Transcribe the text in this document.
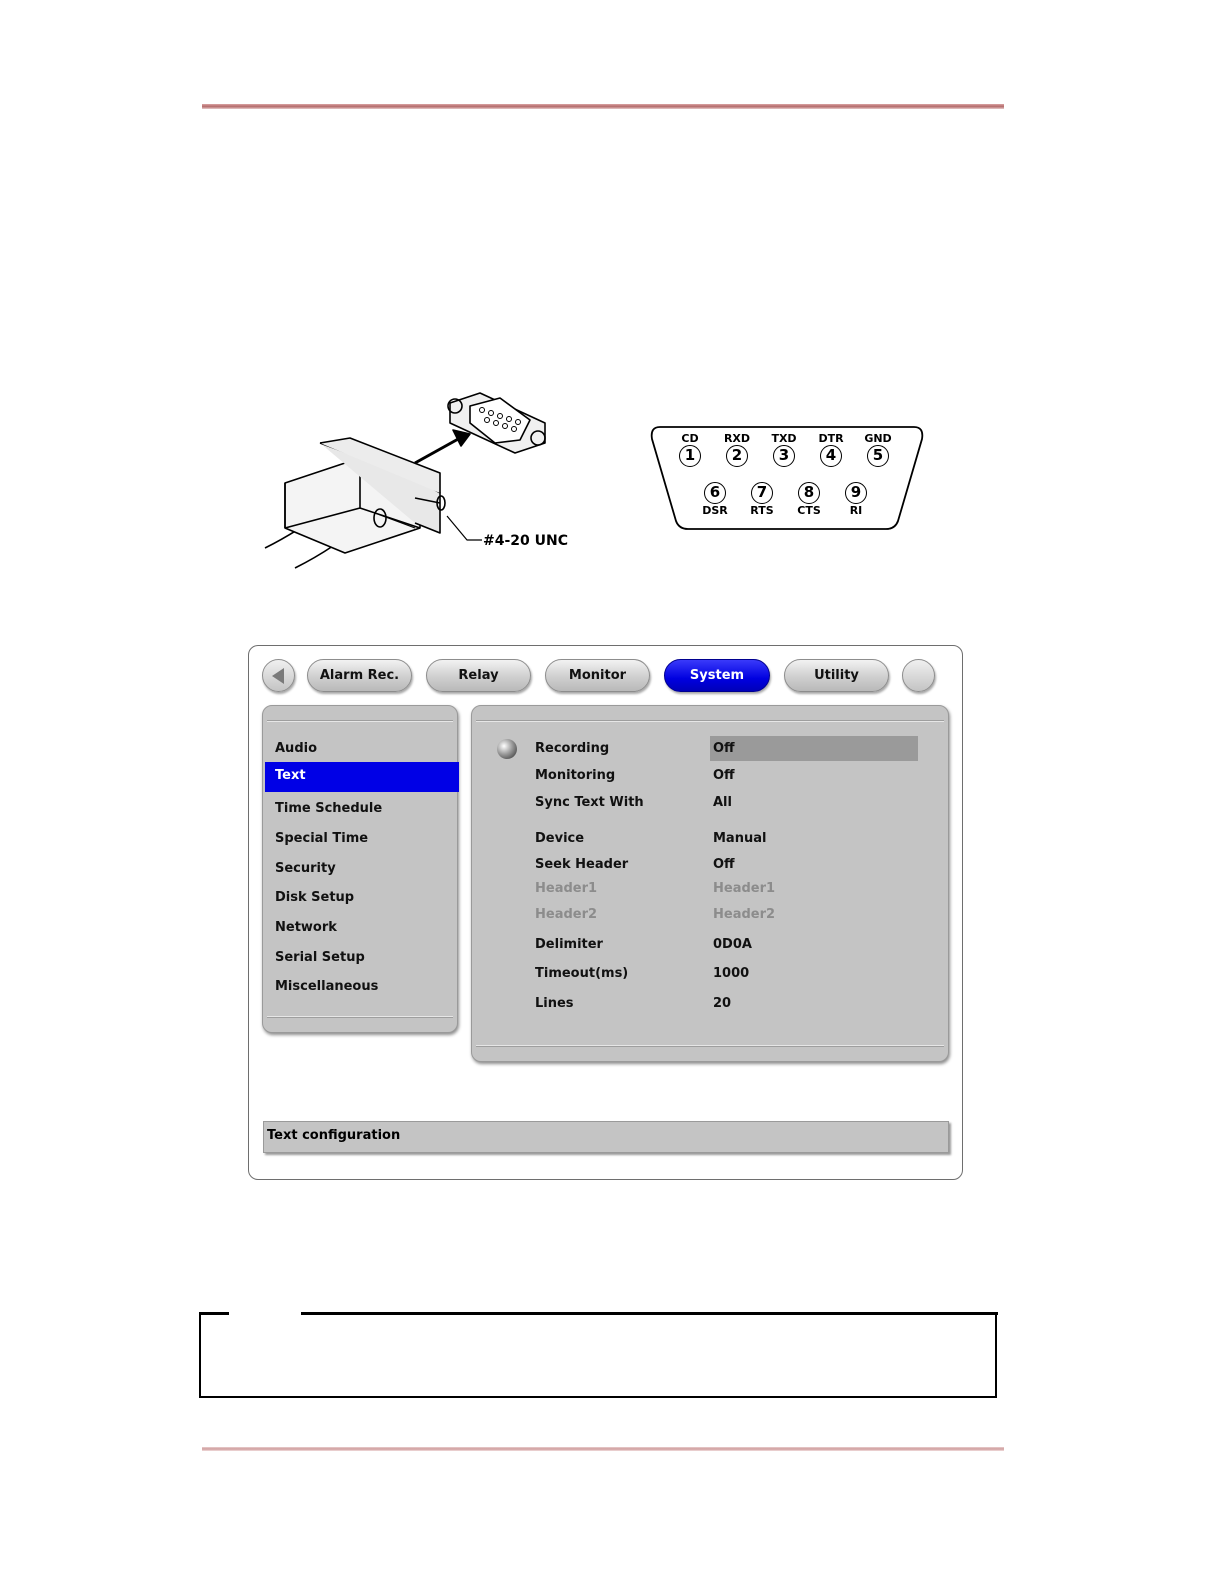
#4-20 UNC
CD
1
RXD
2
TXD
3
DTR
4
GND
5
6
DSR
7
RTS
8
CTS
9
RI
Alarm Rec.	Relay	Monitor	System	Utility
Audio
Text
Time Schedule
Special Time
Security
Disk Setup
Network
Serial Setup
Miscellaneous
Recording	Off
Monitoring	Off
Sync Text With	All
Device	Manual
Seek Header	Off
Header1	Header1
Header2	Header2
Delimiter	0D0A
Timeout(ms)	1000
Lines	20
Text configuration
